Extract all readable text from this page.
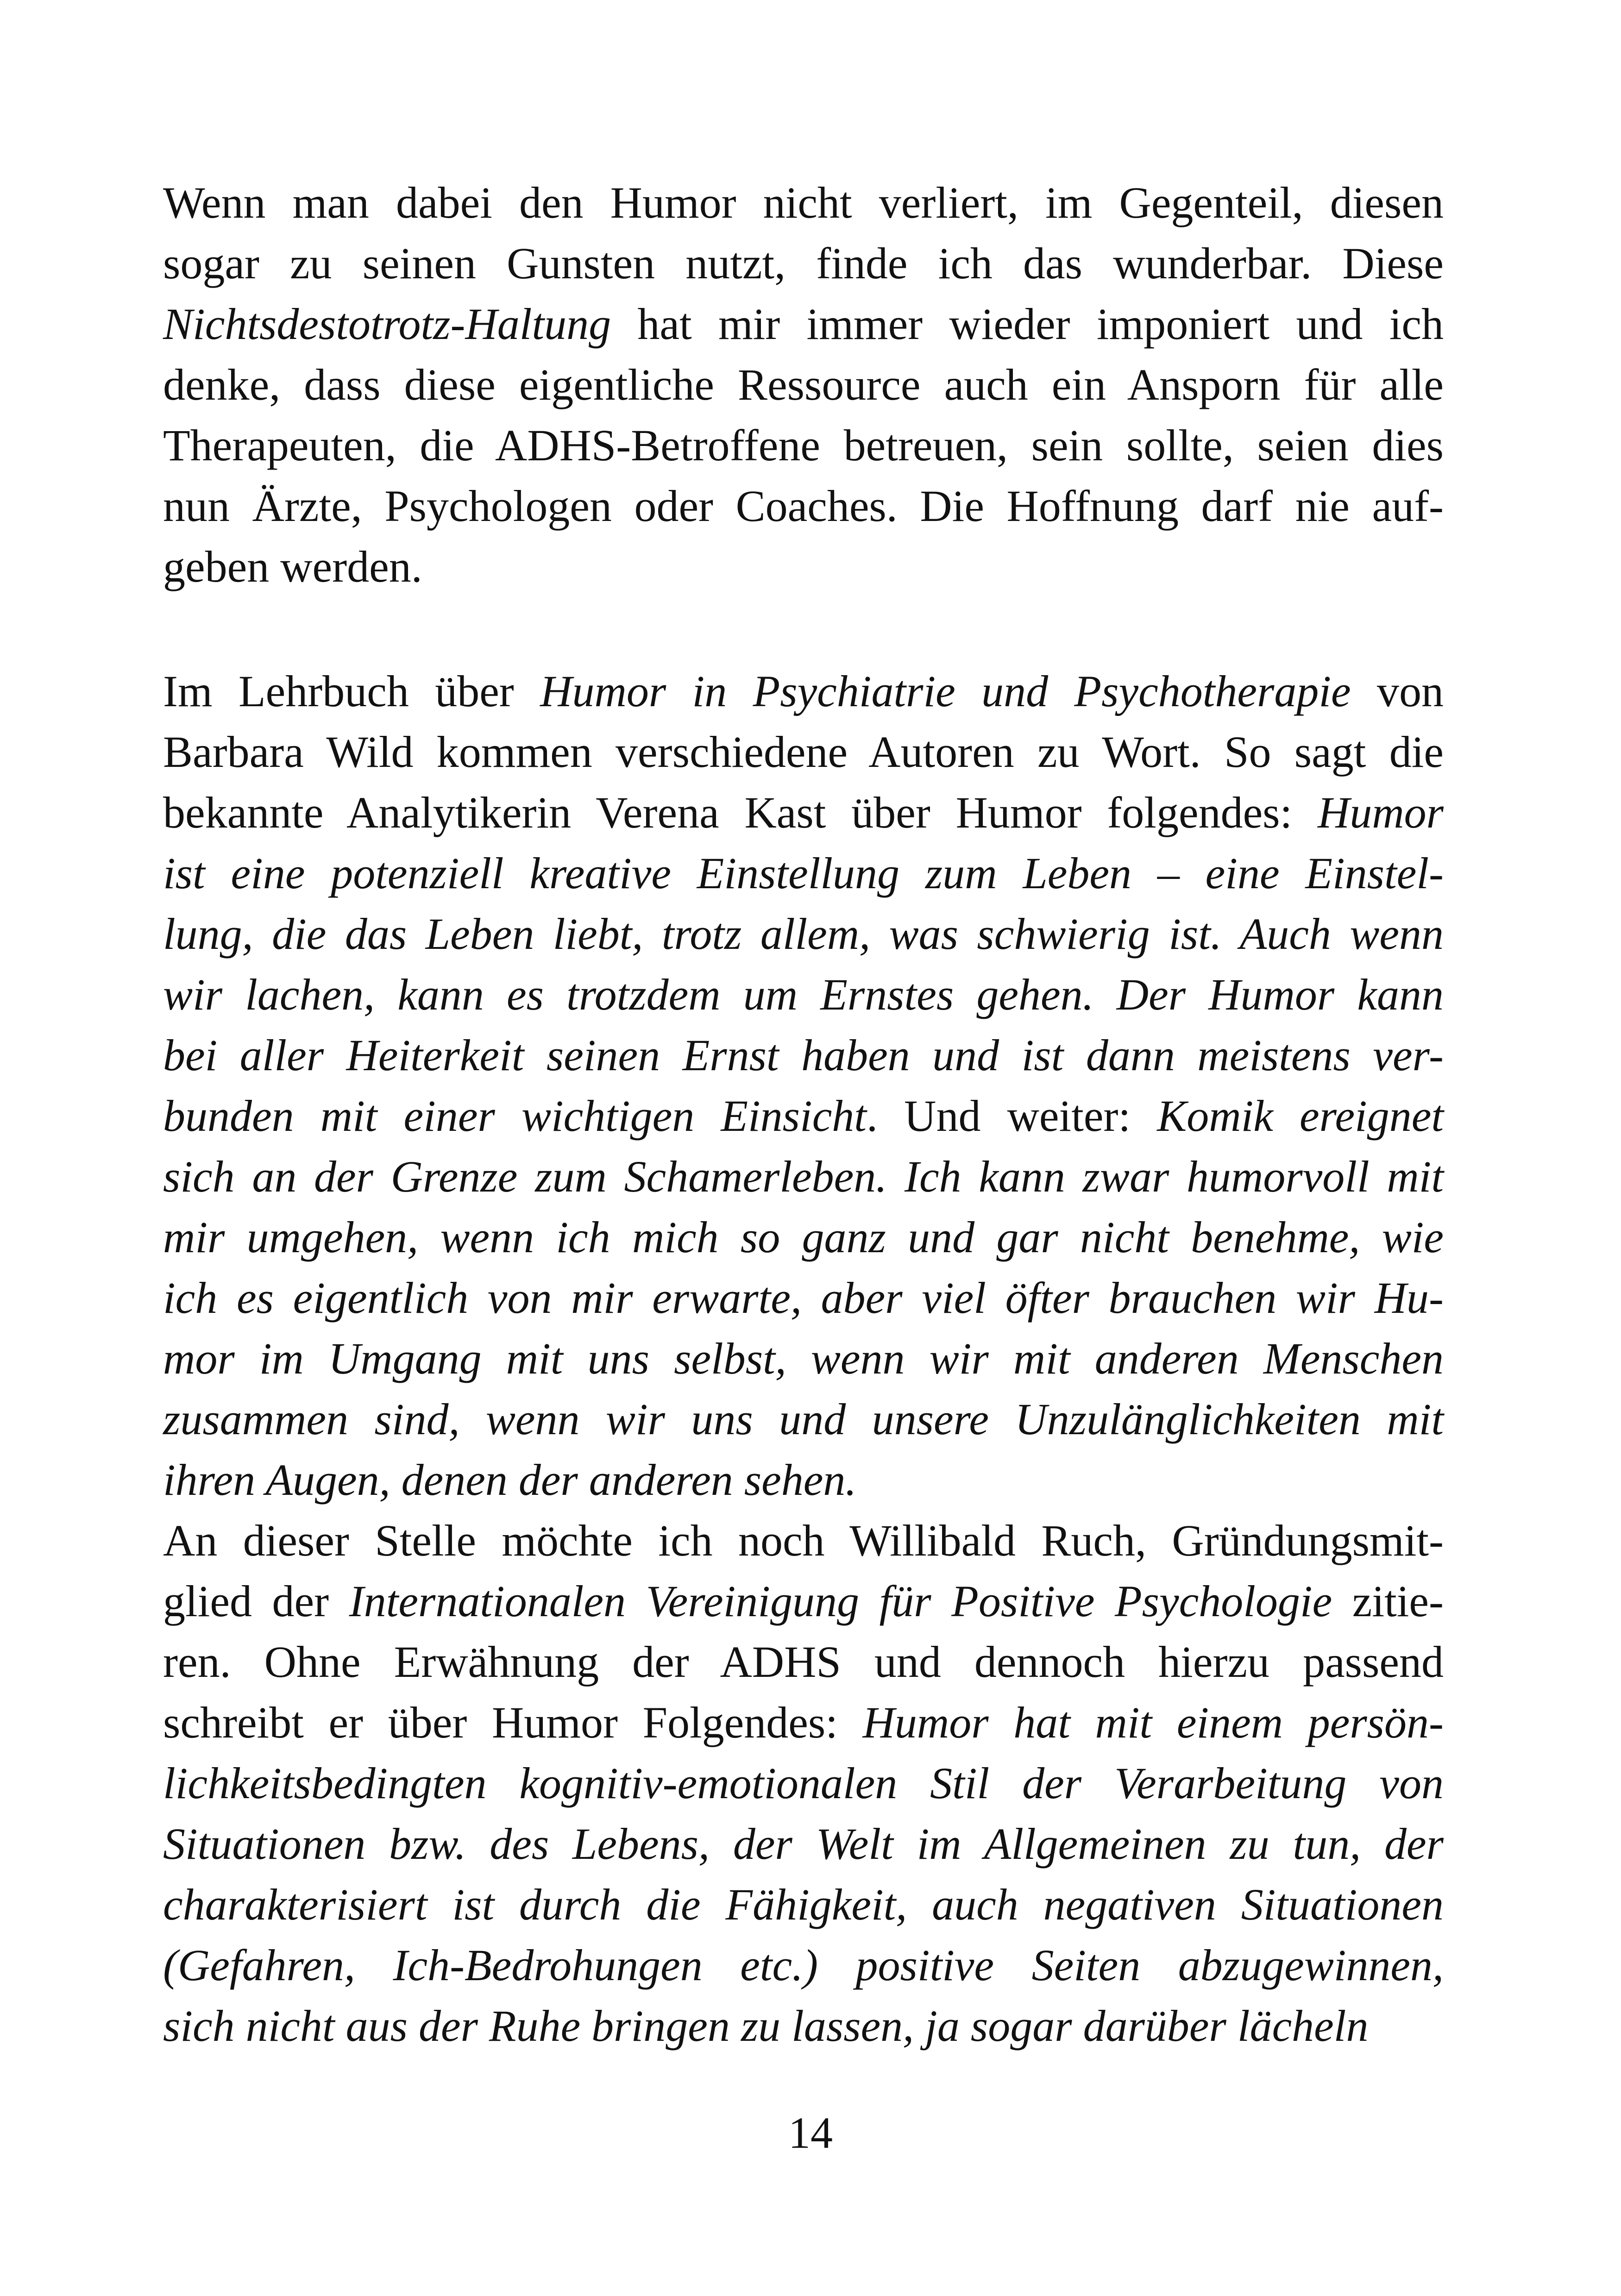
Wenn man dabei den Humor nicht verliert, im Gegenteil, diesen
sogar zu seinen Gunsten nutzt, finde ich das wunderbar. Diese
Nichtsdestotrotz-Haltung hat mir immer wieder imponiert und ich
denke, dass diese eigentliche Ressource auch ein Ansporn für alle
Therapeuten, die ADHS-Betroffene betreuen, sein sollte, seien dies
nun Ärzte, Psychologen oder Coaches. Die Hoffnung darf nie auf-
geben werden.
Im Lehrbuch über Humor in Psychiatrie und Psychotherapie von
Barbara Wild kommen verschiedene Autoren zu Wort. So sagt die
bekannte Analytikerin Verena Kast über Humor folgendes: Humor
ist eine potenziell kreative Einstellung zum Leben – eine Einstel-
lung, die das Leben liebt, trotz allem, was schwierig ist. Auch wenn
wir lachen, kann es trotzdem um Ernstes gehen. Der Humor kann
bei aller Heiterkeit seinen Ernst haben und ist dann meistens ver-
bunden mit einer wichtigen Einsicht. Und weiter: Komik ereignet
sich an der Grenze zum Schamerleben. Ich kann zwar humorvoll mit
mir umgehen, wenn ich mich so ganz und gar nicht benehme, wie
ich es eigentlich von mir erwarte, aber viel öfter brauchen wir Hu-
mor im Umgang mit uns selbst, wenn wir mit anderen Menschen
zusammen sind, wenn wir uns und unsere Unzulänglichkeiten mit
ihren Augen, denen der anderen sehen.
An dieser Stelle möchte ich noch Willibald Ruch, Gründungsmit-
glied der Internationalen Vereinigung für Positive Psychologie zitie-
ren. Ohne Erwähnung der ADHS und dennoch hierzu passend
schreibt er über Humor Folgendes: Humor hat mit einem persön-
lichkeitsbedingten kognitiv-emotionalen Stil der Verarbeitung von
Situationen bzw. des Lebens, der Welt im Allgemeinen zu tun, der
charakterisiert ist durch die Fähigkeit, auch negativen Situationen
(Gefahren, Ich-Bedrohungen etc.) positive Seiten abzugewinnen,
sich nicht aus der Ruhe bringen zu lassen, ja sogar darüber lächeln
14
